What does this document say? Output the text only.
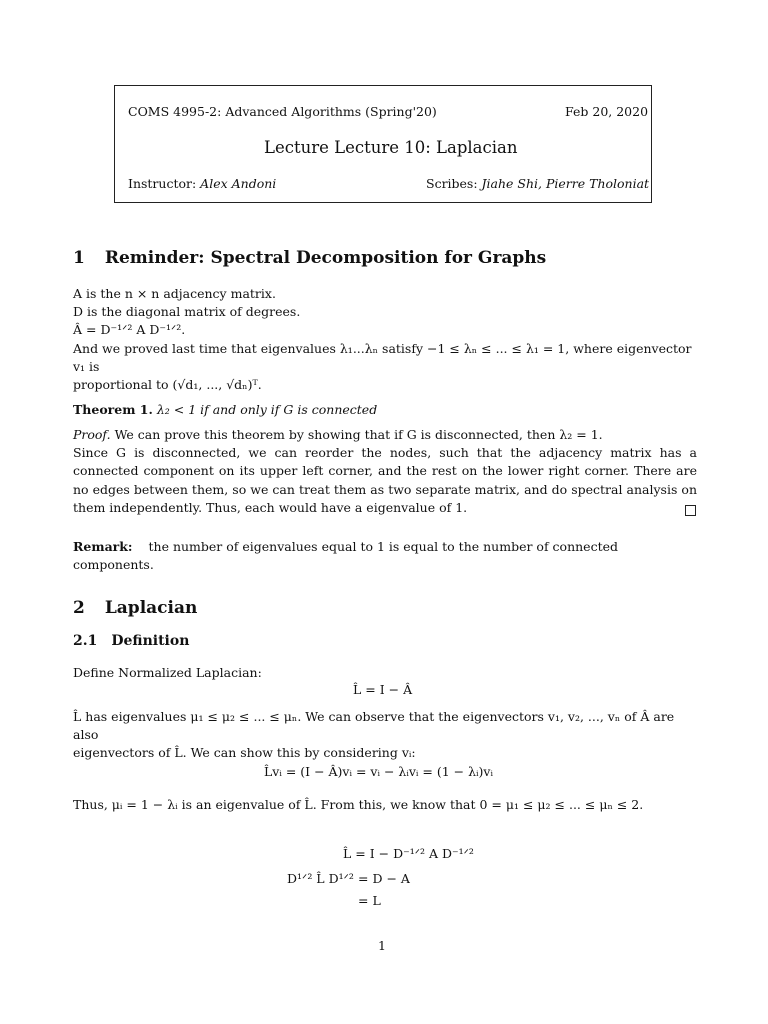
COMS 4995-2: Advanced Algorithms (Spring'20)	Feb 20, 2020
Lecture Lecture 10: Laplacian
Instructor: Alex Andoni	Scribes: Jiahe Shi, Pierre Tholoniat
1 Reminder: Spectral Decomposition for Graphs
A is the n × n adjacency matrix.
D is the diagonal matrix of degrees.
Â = D⁻¹ᐟ² A D⁻¹ᐟ².
And we proved last time that eigenvalues λ₁...λₙ satisfy −1 ≤ λₙ ≤ ... ≤ λ₁ = 1, where eigenvector v₁ is
proportional to (√d₁, ..., √dₙ)ᵀ.
Theorem 1. λ₂ < 1 if and only if G is connected
Proof. We can prove this theorem by showing that if G is disconnected, then λ₂ = 1.
Since G is disconnected, we can reorder the nodes, such that the adjacency matrix has a connected component on its upper left corner, and the rest on the lower right corner. There are no edges between them, so we can treat them as two separate matrix, and do spectral analysis on them independently. Thus, each would have a eigenvalue of 1.
Remark: the number of eigenvalues equal to 1 is equal to the number of connected components.
2 Laplacian
2.1 Definition
Define Normalized Laplacian:
L̂ = I − Â
L̂ has eigenvalues μ₁ ≤ μ₂ ≤ ... ≤ μₙ. We can observe that the eigenvectors v₁, v₂, ..., vₙ of Â are also
eigenvectors of L̂. We can show this by considering vᵢ:
L̂vᵢ = (I − Â)vᵢ = vᵢ − λᵢvᵢ = (1 − λᵢ)vᵢ
Thus, μᵢ = 1 − λᵢ is an eigenvalue of L̂. From this, we know that 0 = μ₁ ≤ μ₂ ≤ ... ≤ μₙ ≤ 2.
L̂ = I − D⁻¹ᐟ² A D⁻¹ᐟ²
D¹ᐟ² L̂ D¹ᐟ² = D − A
= L
1
